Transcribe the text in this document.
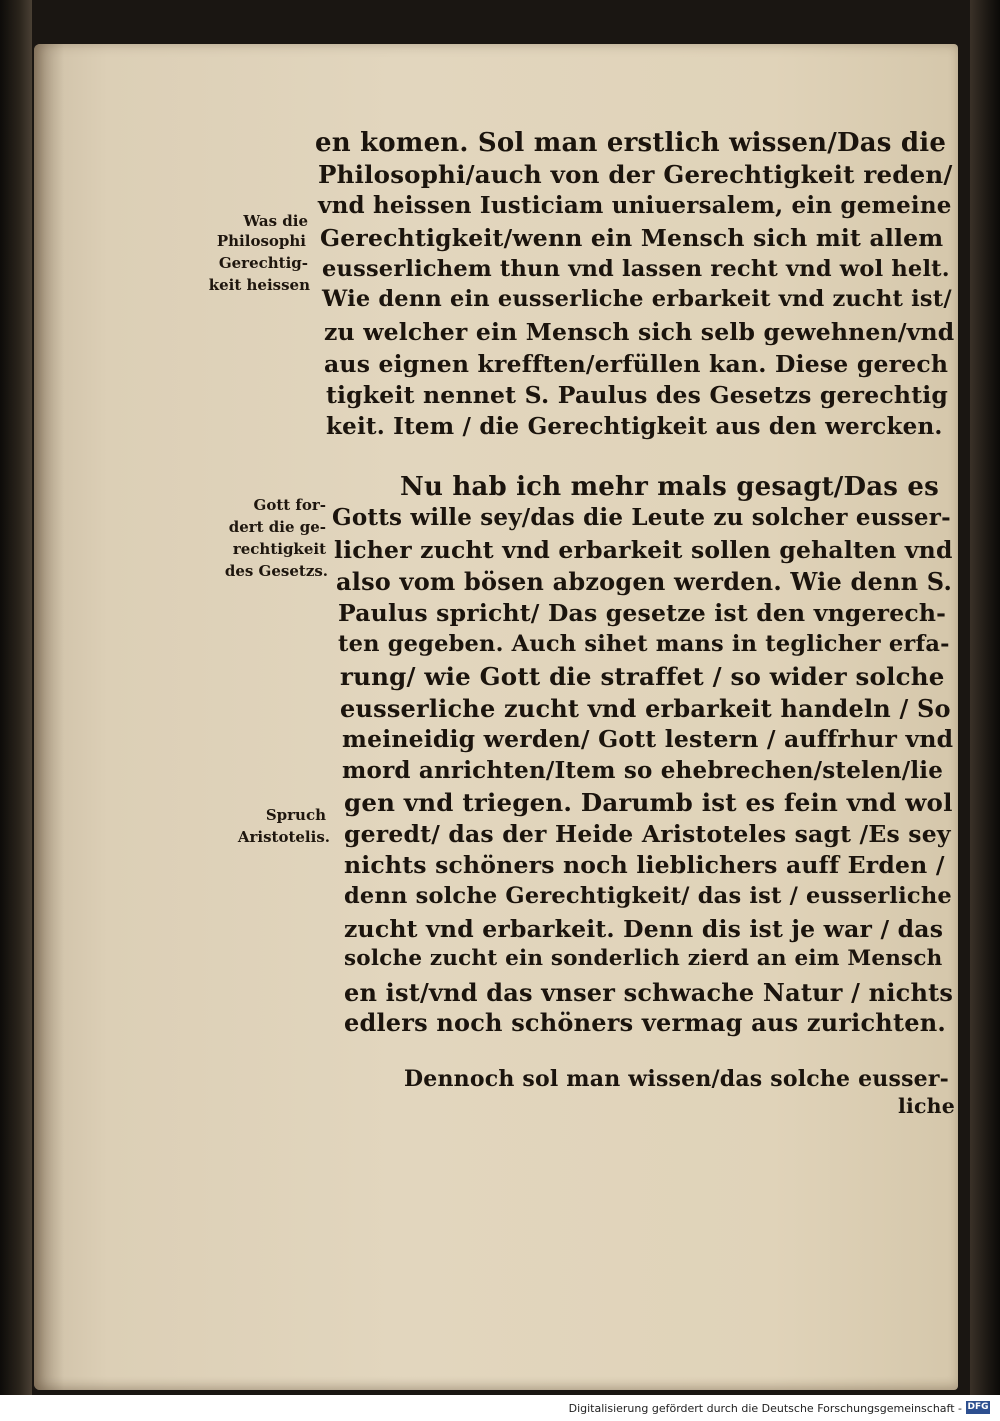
en komen. Sol man erstlich wissen/Das die
Philosophi/auch von der Gerechtigkeit reden/
vnd heissen Iusticiam uniuersalem, ein gemeine
Gerechtigkeit/wenn ein Mensch sich mit allem
eusserlichem thun vnd lassen recht vnd wol helt.
Wie denn ein eusserliche erbarkeit vnd zucht ist/
zu welcher ein Mensch sich selb gewehnen/vnd
aus eignen krefften/erfüllen kan. Diese gerech
tigkeit nennet S. Paulus des Gesetzs gerechtig
keit. Item / die Gerechtigkeit aus den wercken.
Nu hab ich mehr mals gesagt/Das es
Gotts wille sey/das die Leute zu solcher eusser-
licher zucht vnd erbarkeit sollen gehalten vnd
also vom bösen abzogen werden. Wie denn S.
Paulus spricht/ Das gesetze ist den vngerech-
ten gegeben. Auch sihet mans in teglicher erfa-
rung/ wie Gott die straffet / so wider solche
eusserliche zucht vnd erbarkeit handeln / So
meineidig werden/ Gott lestern / auffrhur vnd
mord anrichten/Item so ehebrechen/stelen/lie
gen vnd triegen. Darumb ist es fein vnd wol
geredt/ das der Heide Aristoteles sagt /Es sey
nichts schöners noch lieblichers auff Erden /
denn solche Gerechtigkeit/ das ist / eusserliche
zucht vnd erbarkeit. Denn dis ist je war / das
solche zucht ein sonderlich zierd an eim Mensch
en ist/vnd das vnser schwache Natur / nichts
edlers noch schöners vermag aus zurichten.
Dennoch sol man wissen/das solche eusser-
liche
Was die
Philosophi
Gerechtig-
keit heissen
Gott for-
dert die ge-
rechtigkeit
des Gesetzs.
Spruch
Aristotelis.
Digitalisierung gefördert durch die Deutsche Forschungsgemeinschaft - DFG
